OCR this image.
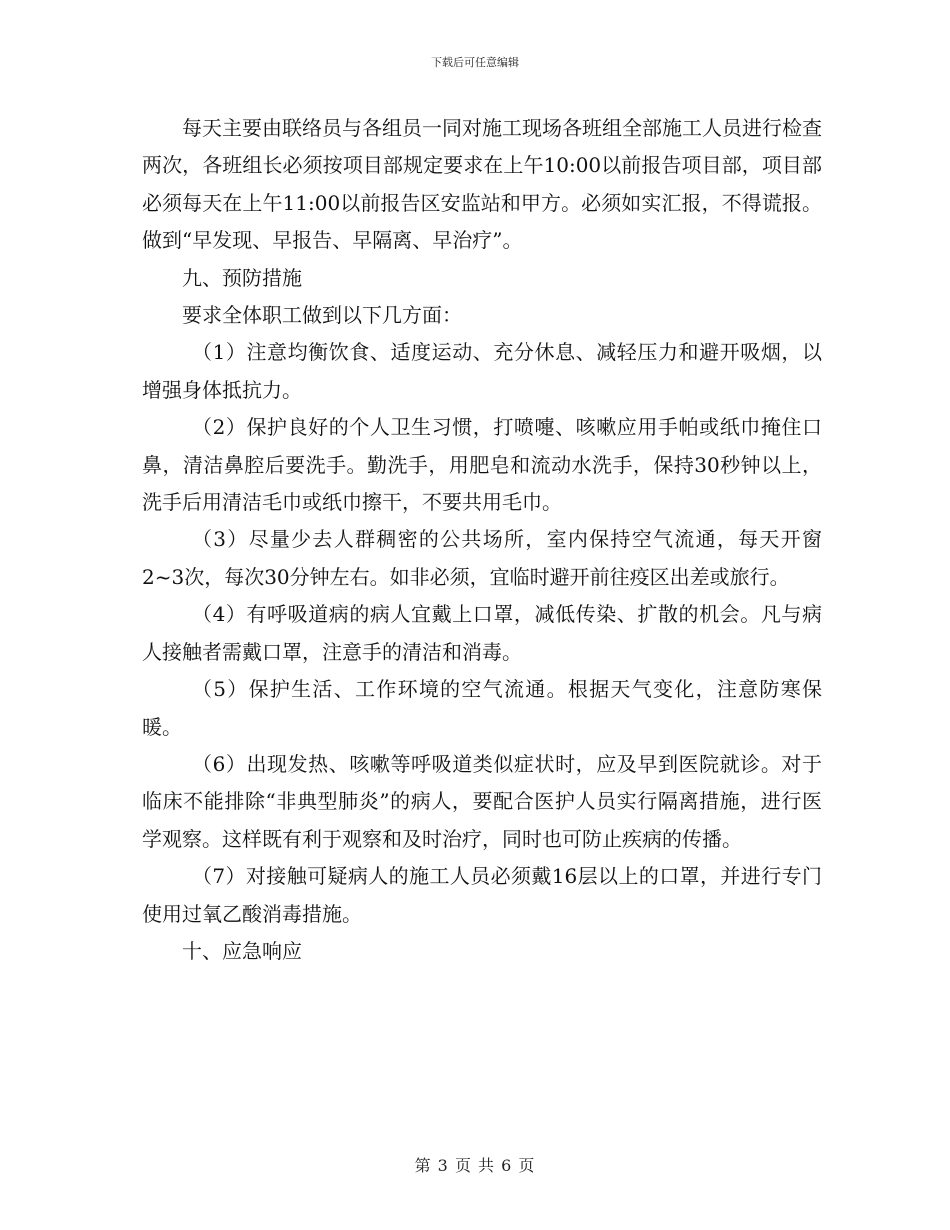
下载后可任意编辑

每天主要由联络员与各组员一同对施工现场各班组全部施工人员进行检查两次，各班组长必须按项目部规定要求在上午10:00以前报告项目部，项目部必须每天在上午11:00以前报告区安监站和甲方。必须如实汇报，不得谎报。做到“早发现、早报告、早隔离、早治疗”。

九、预防措施

要求全体职工做到以下几方面：

（1）注意均衡饮食、适度运动、充分休息、减轻压力和避开吸烟，以增强身体抵抗力。

（2）保护良好的个人卫生习惯，打喷嚏、咳嗽应用手帕或纸巾掩住口鼻，清洁鼻腔后要洗手。勤洗手，用肥皂和流动水洗手，保持30秒钟以上，洗手后用清洁毛巾或纸巾擦干，不要共用毛巾。

（3）尽量少去人群稠密的公共场所，室内保持空气流通，每天开窗2~3次，每次30分钟左右。如非必须，宜临时避开前往疫区出差或旅行。

（4）有呼吸道病的病人宜戴上口罩，减低传染、扩散的机会。凡与病人接触者需戴口罩，注意手的清洁和消毒。

（5）保护生活、工作环境的空气流通。根据天气变化，注意防寒保暖。

（6）出现发热、咳嗽等呼吸道类似症状时，应及早到医院就诊。对于临床不能排除“非典型肺炎”的病人，要配合医护人员实行隔离措施，进行医学观察。这样既有利于观察和及时治疗，同时也可防止疾病的传播。

（7）对接触可疑病人的施工人员必须戴16层以上的口罩，并进行专门使用过氧乙酸消毒措施。

十、应急响应

第 3 页 共 6 页
